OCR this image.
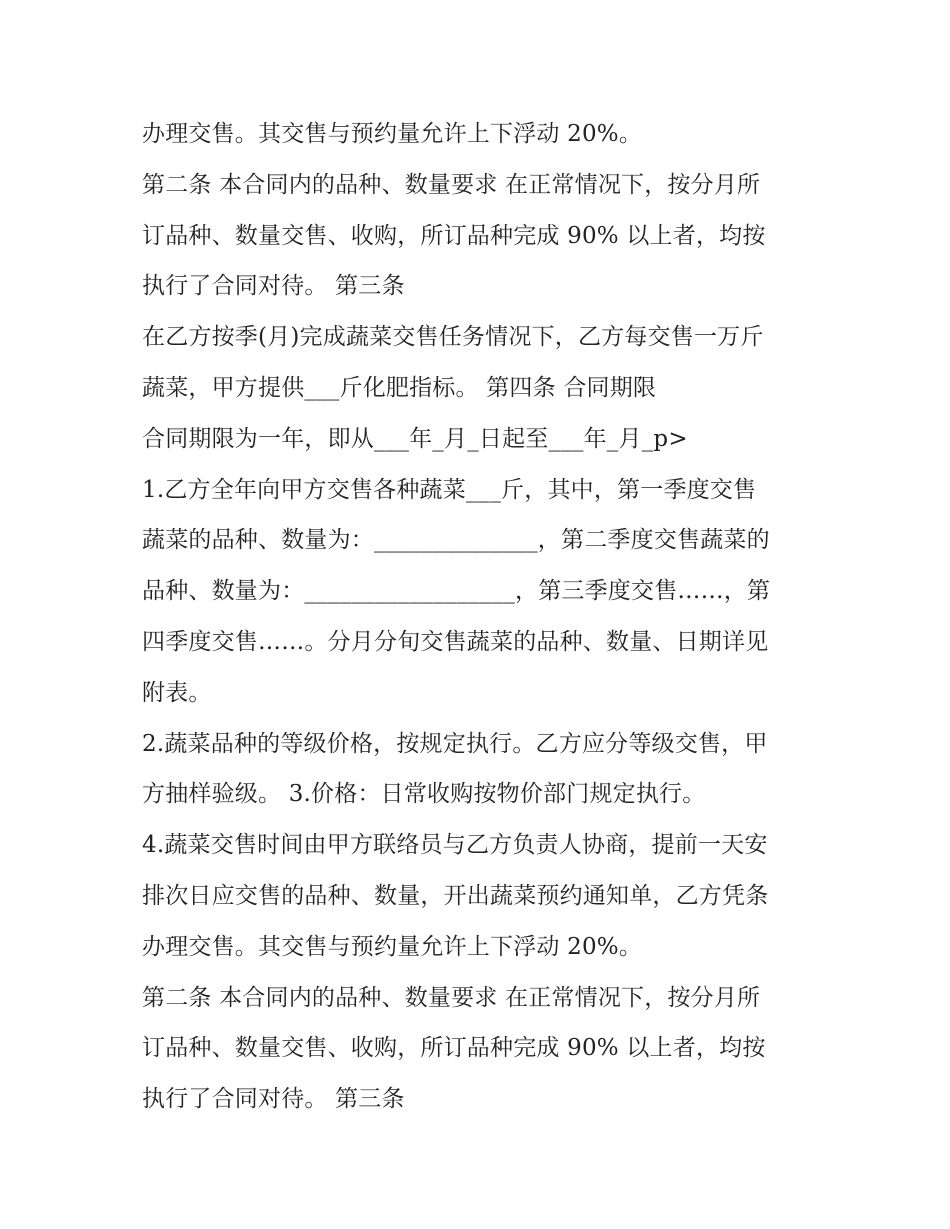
办理交售。其交售与预约量允许上下浮动 20%。
第二条 本合同内的品种、数量要求 在正常情况下，按分月所
订品种、数量交售、收购，所订品种完成 90% 以上者，均按
执行了合同对待。 第三条
在乙方按季(月)完成蔬菜交售任务情况下，乙方每交售一万斤
蔬菜，甲方提供___斤化肥指标。 第四条 合同期限
合同期限为一年，即从___年_月_日起至___年_月_p>
1.乙方全年向甲方交售各种蔬菜___斤，其中，第一季度交售
蔬菜的品种、数量为：______________，第二季度交售蔬菜的
品种、数量为：__________________，第三季度交售……，第
四季度交售……。分月分旬交售蔬菜的品种、数量、日期详见
附表。
2.蔬菜品种的等级价格，按规定执行。乙方应分等级交售，甲
方抽样验级。 3.价格：日常收购按物价部门规定执行。
4.蔬菜交售时间由甲方联络员与乙方负责人协商，提前一天安
排次日应交售的品种、数量，开出蔬菜预约通知单，乙方凭条
办理交售。其交售与预约量允许上下浮动 20%。
第二条 本合同内的品种、数量要求 在正常情况下，按分月所
订品种、数量交售、收购，所订品种完成 90% 以上者，均按
执行了合同对待。 第三条
